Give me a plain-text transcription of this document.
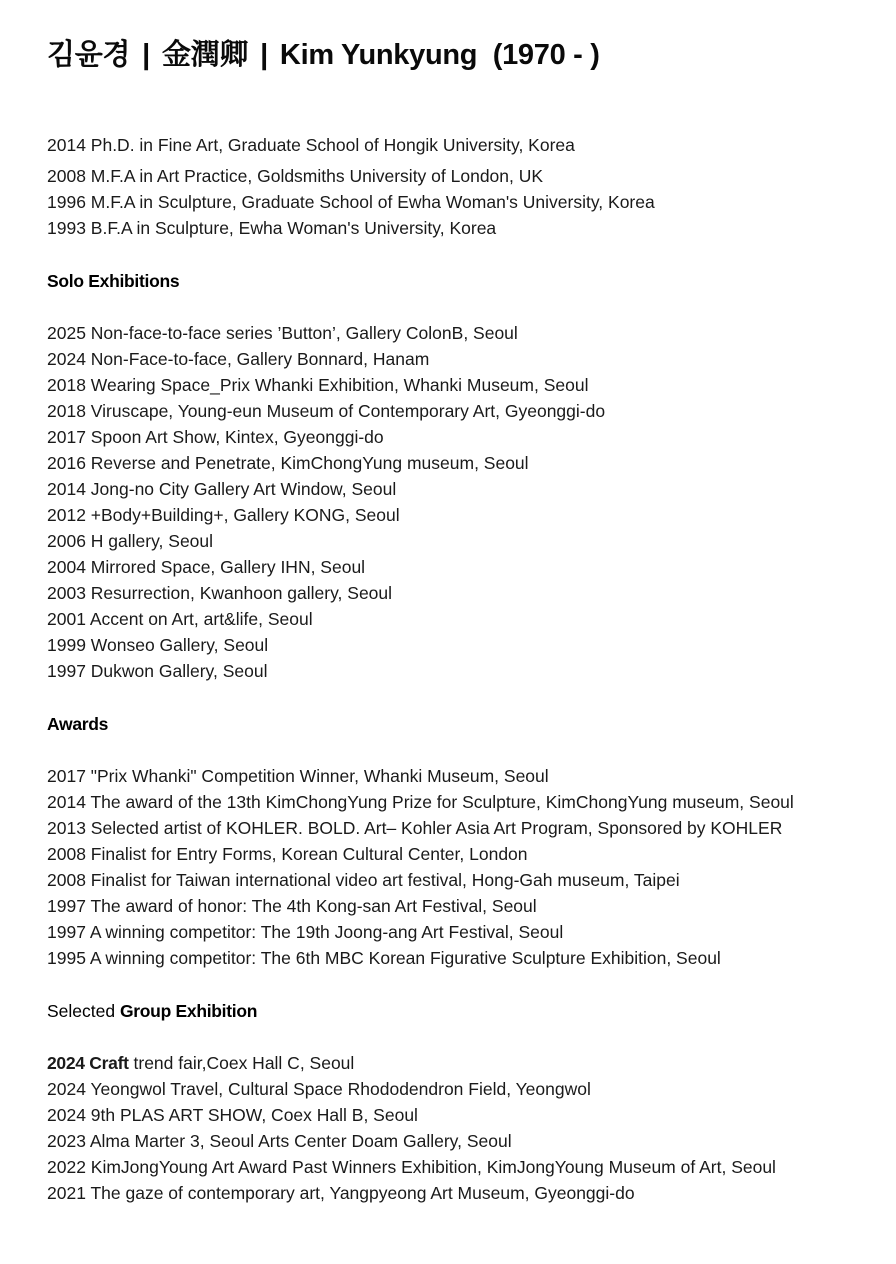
김윤경 | 金潤卿 | Kim Yunkyung (1970 - )
2014 Ph.D. in Fine Art, Graduate School of Hongik University, Korea
2008 M.F.A in Art Practice, Goldsmiths University of London, UK
1996 M.F.A in Sculpture, Graduate School of Ewha Woman's University, Korea
1993 B.F.A in Sculpture, Ewha Woman's University, Korea
Solo Exhibitions
2025 Non-face-to-face series ’Button’, Gallery ColonB, Seoul
2024 Non-Face-to-face, Gallery Bonnard, Hanam
2018 Wearing Space_Prix Whanki Exhibition, Whanki Museum, Seoul
2018 Viruscape, Young-eun Museum of Contemporary Art, Gyeonggi-do
2017 Spoon Art Show, Kintex, Gyeonggi-do
2016 Reverse and Penetrate, KimChongYung museum, Seoul
2014 Jong-no City Gallery Art Window, Seoul
2012 +Body+Building+, Gallery KONG, Seoul
2006 H gallery, Seoul
2004 Mirrored Space, Gallery IHN, Seoul
2003 Resurrection, Kwanhoon gallery, Seoul
2001 Accent on Art, art&life, Seoul
1999 Wonseo Gallery, Seoul
1997 Dukwon Gallery, Seoul
Awards
2017 "Prix Whanki" Competition Winner, Whanki Museum, Seoul
2014 The award of the 13th KimChongYung Prize for Sculpture, KimChongYung museum, Seoul
2013 Selected artist of KOHLER. BOLD. Art– Kohler Asia Art Program, Sponsored by KOHLER
2008 Finalist for Entry Forms, Korean Cultural Center, London
2008 Finalist for Taiwan international video art festival, Hong-Gah museum, Taipei
1997 The award of honor: The 4th Kong-san Art Festival, Seoul
1997 A winning competitor: The 19th Joong-ang Art Festival, Seoul
1995 A winning competitor: The 6th MBC Korean Figurative Sculpture Exhibition, Seoul
Selected Group Exhibition
2024 Craft trend fair,Coex Hall C, Seoul
2024 Yeongwol Travel, Cultural Space Rhododendron Field, Yeongwol
2024 9th PLAS ART SHOW, Coex Hall B, Seoul
2023 Alma Marter 3, Seoul Arts Center Doam Gallery, Seoul
2022 KimJongYoung Art Award Past Winners Exhibition, KimJongYoung Museum of Art, Seoul
2021 The gaze of contemporary art, Yangpyeong Art Museum, Gyeonggi-do
